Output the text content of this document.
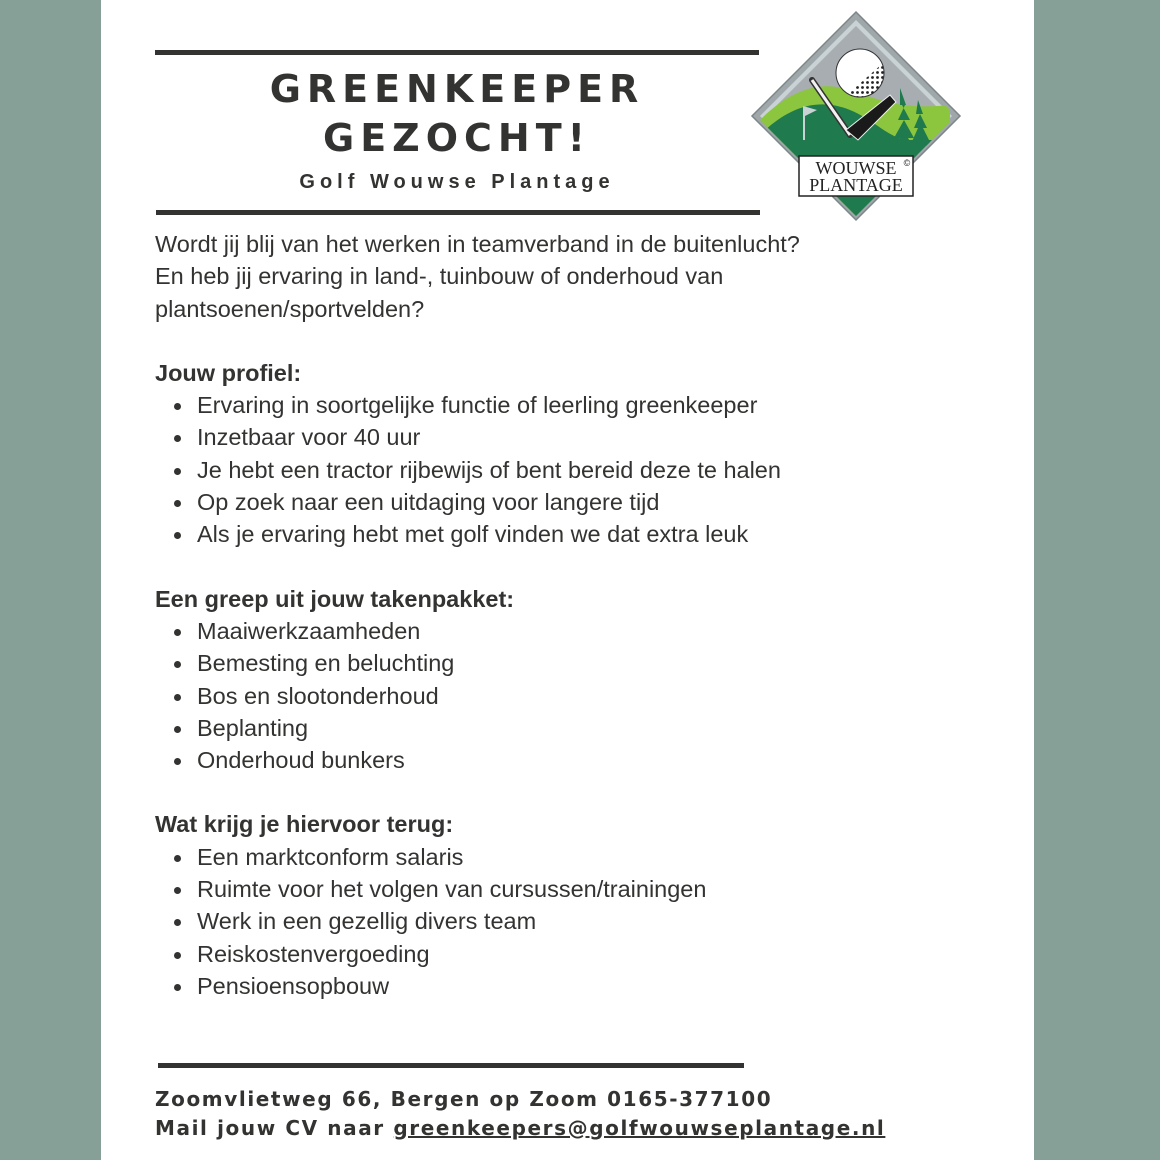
GREENKEEPER
GEZOCHT!
Golf Wouwse Plantage
WOUWSE
PLANTAGE
©

Wordt jij blij van het werken in teamverband in de buitenlucht?

En heb jij ervaring in land-, tuinbouw of onderhoud van

plantsoenen/sportvelden?

Jouw profiel:

Ervaring in soortgelijke functie of leerling greenkeeper
Inzetbaar voor 40 uur
Je hebt een tractor rijbewijs of bent bereid deze te halen
Op zoek naar een uitdaging voor langere tijd
Als je ervaring hebt met golf vinden we dat extra leuk

Een greep uit jouw takenpakket:

Maaiwerkzaamheden
Bemesting en beluchting
Bos en slootonderhoud
Beplanting
Onderhoud bunkers

Wat krijg je hiervoor terug:

Een marktconform salaris
Ruimte voor het volgen van cursussen/trainingen
Werk in een gezellig divers team
Reiskostenvergoeding
Pensioensopbouw
Zoomvlietweg 66, Bergen op Zoom 0165-377100
Mail jouw CV naar greenkeepers@golfwouwseplantage.nl
